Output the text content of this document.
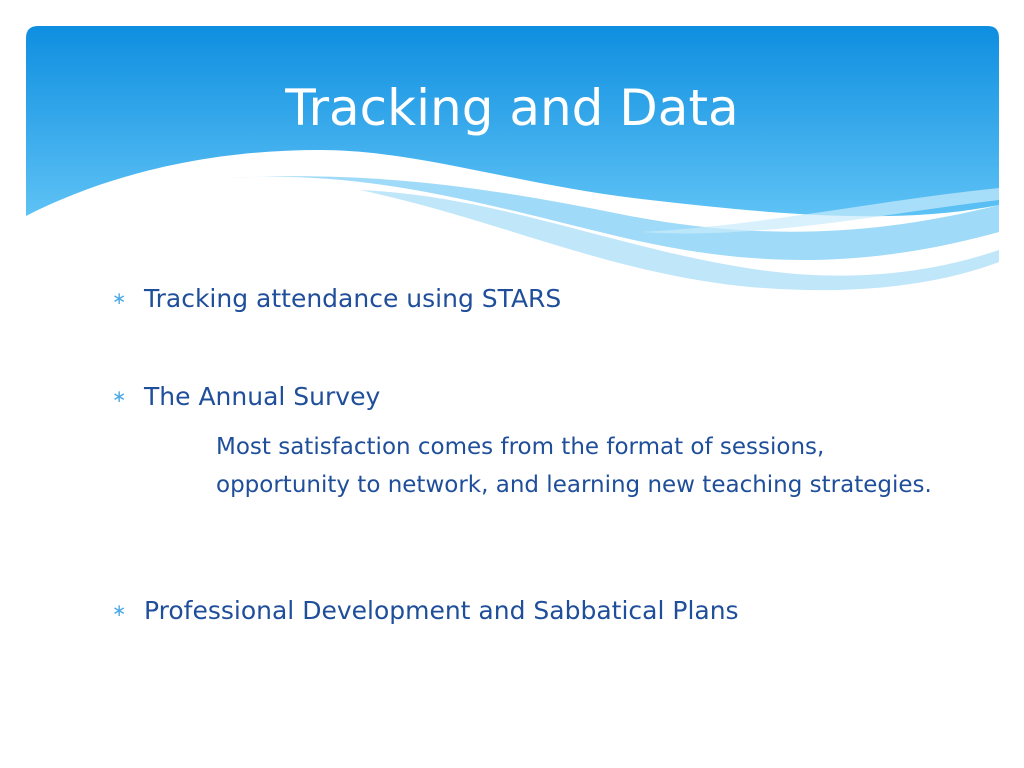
Tracking and Data
∗ Tracking attendance using STARS
∗ The Annual Survey
Most satisfaction comes from the format of sessions, opportunity to network, and learning new teaching strategies.
∗ Professional Development and Sabbatical Plans
